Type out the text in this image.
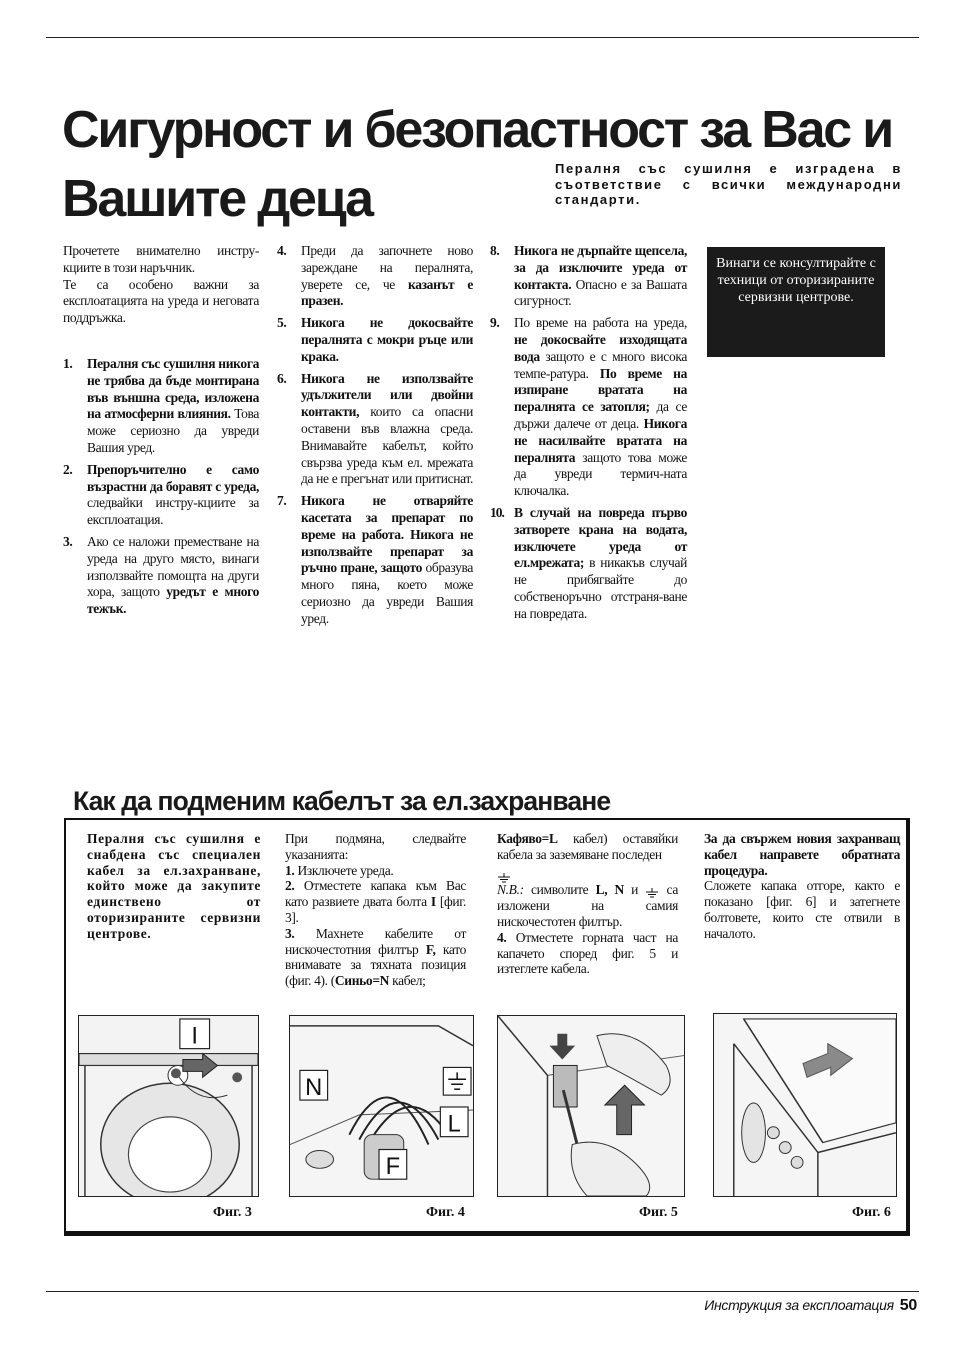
Сигурност и безопастност за Вас и Вашите деца

Пералня със сушилня е изградена в съответствие с всички международни стандарти.

Прочетете внимателно инстру-кциите в този наръчник.

Те са особено важни за експлоатацията на уреда и неговата поддръжка.

1. Пералня със сушилня никога не трябва да бъде монтирана във външна среда, изложена на атмосферни влияния. Това може сериозно да увреди Вашия уред.
2. Препоръчително е само възрастни да боравят с уреда, следвайки инстру-кциите за експлоатация.
3. Ако се наложи преместване на уреда на друго място, винаги използвайте помощта на други хора, защото уредът е много тежък.
4. Преди да започнете ново зареждане на пералнята, уверете се, че казанът е празен.
5. Никога не докосвайте пералнята с мокри ръце или крака.
6. Никога не използвайте удължители или двойни контакти, които са опасни оставени във влажна среда. Внимавайте кабелът, който свързва уреда към ел. мрежата да не е прегънат или притиснат.
7. Никога не отваряйте касетата за препарат по време на работа. Никога не използвайте препарат за ръчно пране, защото образува много пяна, което може сериозно да увреди Вашия уред.
8. Никога не дърпайте щепсела, за да изключите уреда от контакта. Опасно е за Вашата сигурност.
9. По време на работа на уреда, не докосвайте изходящата вода защото е с много висока темпе-ратура. По време на изпиране вратата на пералнята се затопля; да се държи далече от деца. Никога не насилвайте вратата на пералнята защото това може да увреди термич-ната ключалка.
10. В случай на повреда първо затворете крана на водата, изключете уреда от ел.мрежата; в никакъв случай не прибягвайте до собственоръчно отстраня-ване на повредата.
Винаги се консултирайте с техници от оторизираните сервизни центрове.
Как да подменим кабелът за ел.захранване
Пералня със сушилня е снабдена със специален кабел за ел.захранване, който може да закупите единствено от оторизираните сервизни центрове.

При подмяна, следвайте указанията:

1. Изключете уреда.

2. Отместете капака към Вас като развиете двата болта I [фиг. 3].

3. Махнете кабелите от нискочестотния филтър F, като внимавате за тяхната позиция (фиг. 4). (Синьо=N кабел;

Кафяво=L кабел) оставяйки кабела за заземяване последен

N.B.: символите L, N и  са изложени на самия нискочестотен филтър.

4. Отместете горната част на капачето според фиг. 5 и изтеглете кабела.

За да свържем новия захранващ кабел направете обратната процедура.

Сложете капака отгоре, както е показано [фиг. 6] и затегнете болтовете, които сте отвили в началото.

I
Фиг. 3
N
L
F
Фиг. 4	Фиг. 5	Фиг. 6
Инструкция за експлоатация 50
